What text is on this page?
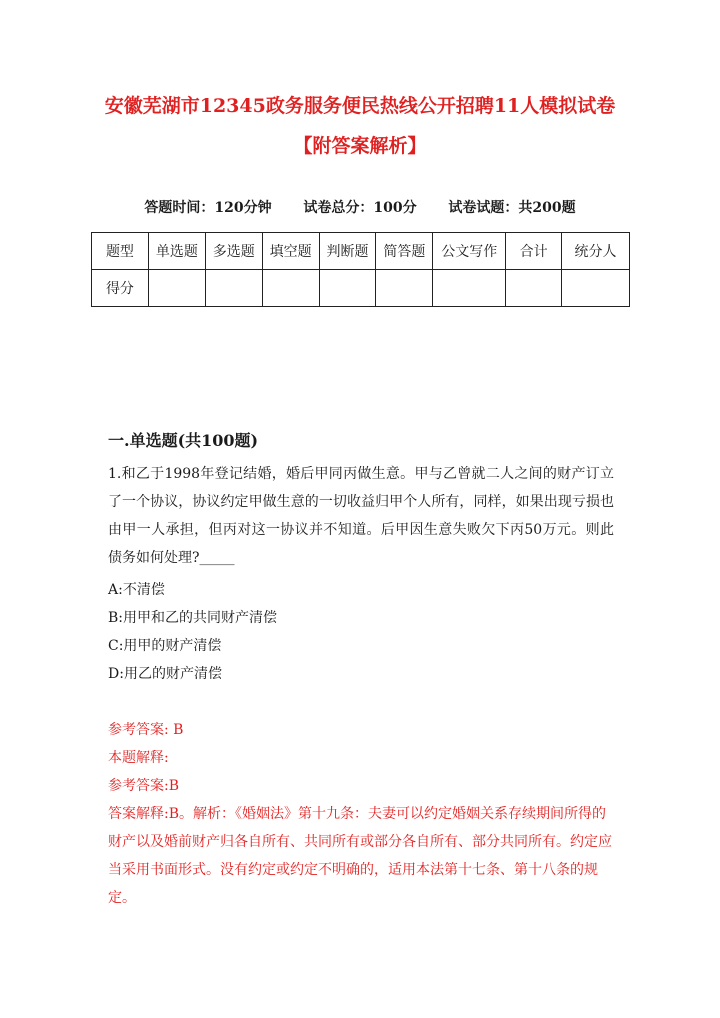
安徽芜湖市12345政务服务便民热线公开招聘11人模拟试卷【附答案解析】
答题时间：120分钟 试卷总分：100分 试卷试题：共200题
题型	单选题	多选题	填空题	判断题	简答题	公文写作	合计	统分人
得分								
一.单选题(共100题)
1.和乙于1998年登记结婚，婚后甲同丙做生意。甲与乙曾就二人之间的财产订立了一个协议，协议约定甲做生意的一切收益归甲个人所有，同样，如果出现亏损也由甲一人承担，但丙对这一协议并不知道。后甲因生意失败欠下丙50万元。则此债务如何处理?_____
A:不清偿
B:用甲和乙的共同财产清偿
C:用甲的财产清偿
D:用乙的财产清偿
参考答案: B
本题解释:
参考答案:B
答案解释:B。解析：《婚姻法》第十九条：夫妻可以约定婚姻关系存续期间所得的财产以及婚前财产归各自所有、共同所有或部分各自所有、部分共同所有。约定应当采用书面形式。没有约定或约定不明确的，适用本法第十七条、第十八条的规定。
